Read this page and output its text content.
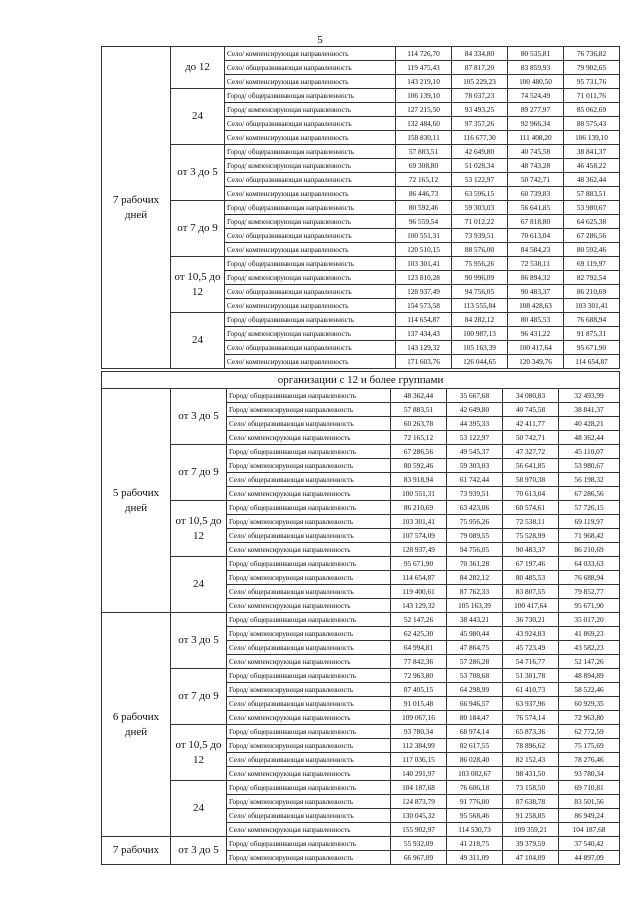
5
7 рабочих дней	до 12	Село/ компенсирующая направленность	114 726,70	84 334,80	80 535,81	76 736,82
		Село/ общеразвивающая направленность	119 475,43	87 817,20	83 859,93	79 902,65
		Село/ компенсирующая направленность	143 219,10	105 229,23	100 480,50	95 731,76
	24	Город/ общеразвивающая направленность	106 139,10	78 037,23	74 524,49	71 011,76
		Город/ компенсирующая направленность	127 215,50	93 493,25	89 277,97	85 062,69
		Село/ общеразвивающая направленность	132 484,60	97 357,26	92 966,34	88 575,43
		Село/ компенсирующая направленность	158 830,11	116 677,30	111 408,20	106 139,10
	от 3 до 5	Город/ общеразвивающая направленность	57 883,51	42 649,80	40 745,58	38 841,37
		Город/ компенсирующая направленность	69 308,80	51 028,34	48 743,28	46 458,22
		Село/ общеразвивающая направленность	72 165,12	53 122,97	50 742,71	48 362,44
		Село/ компенсирующая направленность	86 446,73	63 596,15	60 739,83	57 883,51
	от 7 до 9	Город/ общеразвивающая направленность	80 592,46	59 303,03	56 641,85	53 980,67
		Город/ компенсирующая направленность	96 559,54	71 012,22	67 818,80	64 625,38
		Село/ общеразвивающая направленность	100 551,31	73 939,51	70 613,04	67 286,56
		Село/ компенсирующая направленность	120 510,15	88 576,00	84 584,23	80 592,46
	от 10,5 до 12	Город/ общеразвивающая направленность	103 301,41	75 956,26	72 538,11	69 119,97
		Город/ компенсирующая направленность	123 810,28	90 996,09	86 894,32	82 792,54
		Село/ общеразвивающая направленность	128 937,49	94 756,05	90 483,37	86 210,69
		Село/ компенсирующая направленность	154 573,58	113 555,84	108 428,63	103 301,41
	24	Город/ общеразвивающая направленность	114 654,87	84 282,12	80 485,53	76 688,94
		Город/ компенсирующая направленность	137 434,43	100 987,13	96 431,22	91 875,31
		Село/ общеразвивающая направленность	143 129,32	105 163,39	100 417,64	95 671,90
		Село/ компенсирующая направленность	171 603,76	126 044,65	120 349,76	114 654,87
организации с 12 и более группами						
5 рабочих дней	от 3 до 5	Город/ общеразвивающая направленность	48 362,44	35 667,68	34 080,83	32 493,99
		Город/ компенсирующая направленность	57 883,51	42 649,80	40 745,58	38 841,37
		Село/ общеразвивающая направленность	60 263,78	44 395,33	42 411,77	40 428,21
		Село/ компенсирующая направленность	72 165,12	53 122,97	50 742,71	48 362,44
	от 7 до 9	Город/ общеразвивающая направленность	67 286,56	49 545,37	47 327,72	45 110,07
		Город/ компенсирующая направленность	80 592,46	59 303,03	56 641,85	53 980,67
		Село/ общеразвивающая направленность	83 918,94	61 742,44	58 970,38	56 198,32
		Село/ компенсирующая направленность	100 551,31	73 939,51	70 613,04	67 286,56
	от 10,5 до 12	Город/ общеразвивающая направленность	86 210,69	63 423,06	60 574,61	57 726,15
		Город/ компенсирующая направленность	103 301,41	75 956,26	72 538,11	69 119,97
		Село/ общеразвивающая направленность	107 574,09	79 089,55	75 528,99	71 968,42
		Село/ компенсирующая направленность	128 937,49	94 756,05	90 483,37	86 210,69
	24	Город/ общеразвивающая направленность	95 671,90	70 361,28	67 197,46	64 033,63
		Город/ компенсирующая направленность	114 654,87	84 282,12	80 485,53	76 688,94
		Село/ общеразвивающая направленность	119 400,61	87 762,33	83 807,55	79 852,77
		Село/ компенсирующая направленность	143 129,32	105 163,39	100 417,64	95 671,90
6 рабочих дней	от 3 до 5	Город/ общеразвивающая направленность	52 147,26	38 443,21	36 730,21	35 017,20
		Город/ компенсирующая направленность	62 425,30	45 980,44	43 924,83	41 869,23
		Село/ общеразвивающая направленность	64 994,81	47 864,75	45 723,49	43 582,23
		Село/ компенсирующая направленность	77 842,36	57 286,28	54 716,77	52 147,26
	от 7 до 9	Город/ общеразвивающая направленность	72 963,80	53 708,68	51 301,78	48 894,89
		Город/ компенсирующая направленность	87 405,15	64 298,99	61 410,73	58 522,46
		Село/ общеразвивающая направленность	91 015,48	66 946,57	63 937,96	60 929,35
		Село/ компенсирующая направленность	109 067,16	80 184,47	76 574,14	72 963,80
	от 10,5 до 12	Город/ общеразвивающая направленность	93 780,34	68 974,14	65 873,36	62 772,59
		Город/ компенсирующая направленность	112 384,99	82 617,55	78 896,62	75 175,69
		Село/ общеразвивающая направленность	117 036,15	86 028,40	82 152,43	78 276,46
		Село/ компенсирующая направленность	140 291,97	103 082,67	98 431,50	93 780,34
	24	Город/ общеразвивающая направленность	104 187,68	76 606,18	73 158,50	69 710,81
		Город/ компенсирующая направленность	124 873,79	91 776,00	87 638,78	83 501,56
		Село/ общеразвивающая направленность	130 045,32	95 568,46	91 258,85	86 949,24
		Село/ компенсирующая направленность	155 902,97	114 530,73	109 359,21	104 187,68
7 рабочих	от 3 до 5	Город/ общеразвивающая направленность	55 932,09	41 218,75	39 379,59	37 540,42
		Город/ компенсирующая направленность	66 967,09	49 311,09	47 104,09	44 897,09
